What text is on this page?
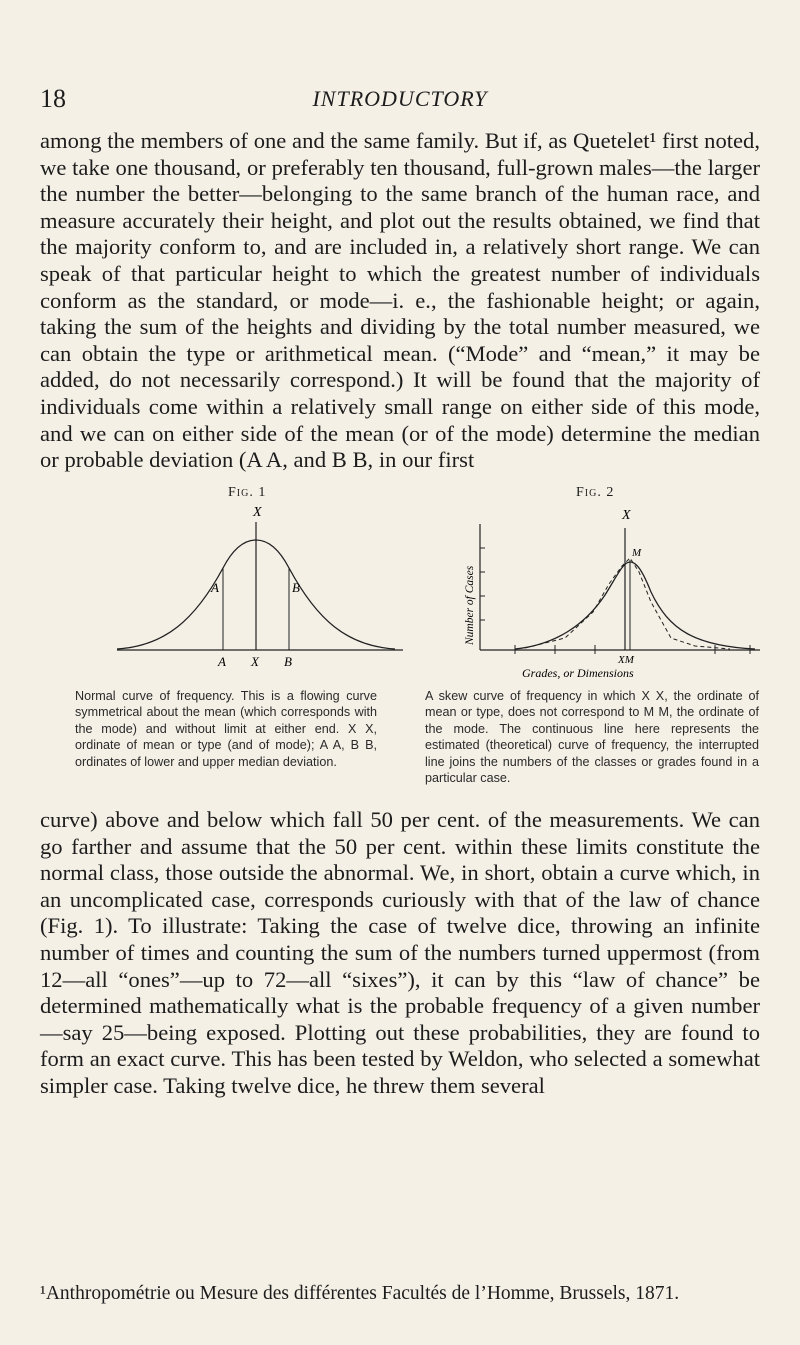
18	INTRODUCTORY

among the members of one and the same family. But if, as Quetelet¹ first noted, we take one thousand, or preferably ten thousand, full-grown males—the larger the number the better—belonging to the same branch of the human race, and measure accurately their height, and plot out the results obtained, we find that the majority conform to, and are included in, a relatively short range. We can speak of that particular height to which the greatest number of individuals conform as the standard, or mode—i. e., the fashionable height; or again, taking the sum of the heights and dividing by the total number measured, we can obtain the type or arithmetical mean. (“Mode” and “mean,” it may be added, do not necessarily correspond.) It will be found that the majority of individuals come within a relatively small range on either side of this mode, and we can on either side of the mean (or of the mode) determine the median or probable deviation (A A, and B B, in our first

Fig. 1	Fig. 2
X
A	B
A X B
X
Number of Cases
M
XM
Grades, or Dimensions

Normal curve of frequency. This is a flowing curve symmetrical about the mean (which corresponds with the mode) and without limit at either end. X X, ordinate of mean or type (and of mode); A A, B B, ordinates of lower and upper median deviation.

A skew curve of frequency in which X X, the ordinate of mean or type, does not correspond to M M, the ordinate of the mode. The continuous line here represents the estimated (theoretical) curve of frequency, the interrupted line joins the numbers of the classes or grades found in a particular case.

curve) above and below which fall 50 per cent. of the measurements. We can go farther and assume that the 50 per cent. within these limits constitute the normal class, those outside the abnormal. We, in short, obtain a curve which, in an uncomplicated case, corresponds curiously with that of the law of chance (Fig. 1). To illustrate: Taking the case of twelve dice, throwing an infinite number of times and counting the sum of the numbers turned uppermost (from 12—all “ones”—up to 72—all “sixes”), it can by this “law of chance” be determined mathematically what is the probable frequency of a given number—say 25—being exposed. Plotting out these probabilities, they are found to form an exact curve. This has been tested by Weldon, who selected a somewhat simpler case. Taking twelve dice, he threw them several

¹Anthropométrie ou Mesure des différentes Facultés de l’Homme, Brussels, 1871.
